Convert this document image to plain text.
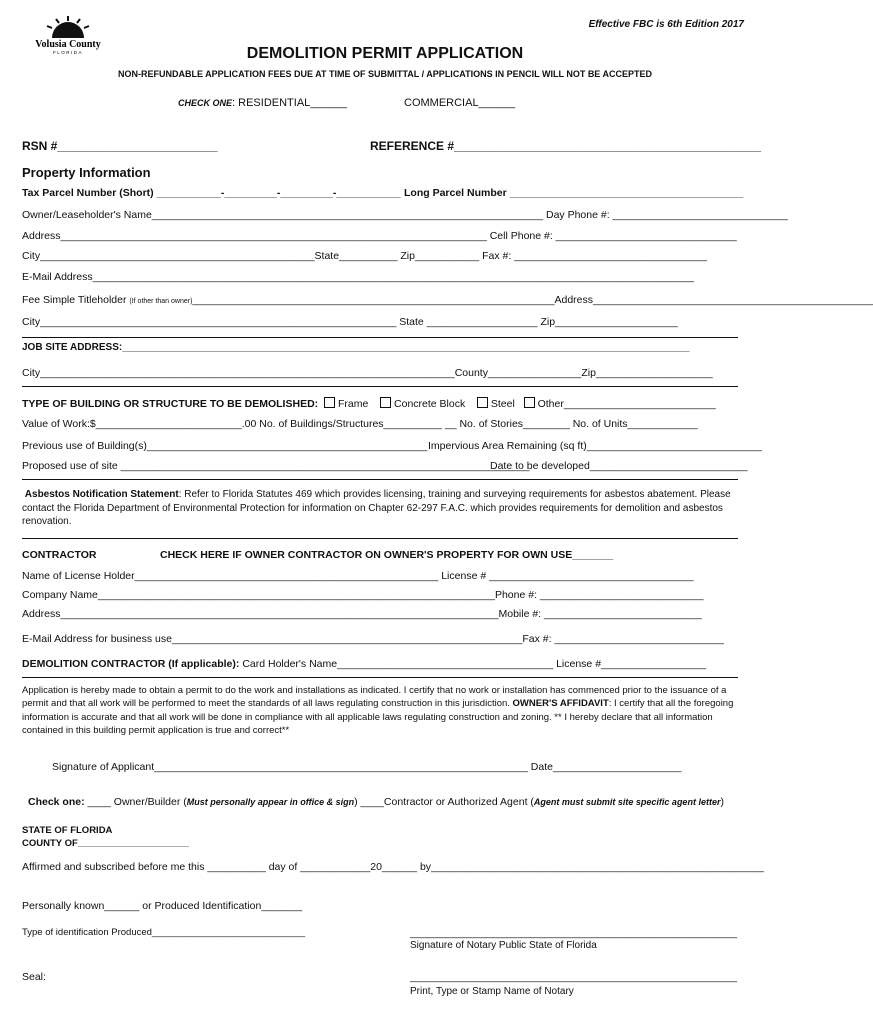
Volusia County
FLORIDA
Effective FBC is 6th Edition 2017
DEMOLITION PERMIT APPLICATION
NON-REFUNDABLE APPLICATION FEES DUE AT TIME OF SUBMITTAL / APPLICATIONS IN PENCIL WILL NOT BE ACCEPTED
CHECK ONE: RESIDENTIAL______	COMMERCIAL______
RSN #________________________	REFERENCE #______________________________________________
Property Information
Tax Parcel Number (Short) ___________-_________-_________-___________ Long Parcel Number ________________________________________
Owner/Leaseholder's Name___________________________________________________________________ Day Phone #: ______________________________
Address_________________________________________________________________________ Cell Phone #: _______________________________
City_______________________________________________State__________ Zip___________ Fax #: _________________________________
E-Mail Address_______________________________________________________________________________________________________
Fee Simple Titleholder (If other than owner)______________________________________________________________Address________________________________________________
City_____________________________________________________________ State ___________________ Zip_____________________
JOB SITE ADDRESS:______________________________________________________________________________________________________
City_______________________________________________________________________County________________Zip____________________
TYPE OF BUILDING OR STRUCTURE TO BE DEMOLISHED: Frame Concrete Block Steel Other__________________________
Value of Work:$_________________________.00 No. of Buildings/Structures__________ __ No. of Stories________ No. of Units____________
Previous use of Building(s)________________________________________________ Impervious Area Remaining (sq ft)______________________________
Proposed use of site ______________________________________________________________________
Date to be developed___________________________
Asbestos Notification Statement: Refer to Florida Statutes 469 which provides licensing, training and surveying requirements for asbestos abatement. Please contact the Florida Department of Environmental Protection for information on Chapter 62-297 F.A.C. which provides requirements for demolition and asbestos renovation.
CONTRACTOR	CHECK HERE IF OWNER CONTRACTOR ON OWNER'S PROPERTY FOR OWN USE_______
Name of License Holder____________________________________________________ License # ___________________________________
Company Name____________________________________________________________________Phone #: ____________________________
Address___________________________________________________________________________Mobile #: ___________________________
E-Mail Address for business use____________________________________________________________Fax #: _____________________________
DEMOLITION CONTRACTOR (If applicable): Card Holder's Name_____________________________________ License #__________________
Application is hereby made to obtain a permit to do the work and installations as indicated. I certify that no work or installation has commenced prior to the issuance of a permit and that all work will be performed to meet the standards of all laws regulating construction in this jurisdiction. OWNER'S AFFIDAVIT: I certify that all the foregoing information is accurate and that all work will be done in compliance with all applicable laws regulating construction and zoning. ** I hereby declare that all information contained in this building permit application is true and correct**
Signature of Applicant________________________________________________________________ Date______________________
Check one: ____ Owner/Builder (Must personally appear in office & sign) ____Contractor or Authorized Agent (Agent must submit site specific agent letter)
STATE OF FLORIDA
COUNTY OF_____________________
Affirmed and subscribed before me this __________ day of ____________20______ by_________________________________________________________
Personally known______ or Produced Identification_______
Type of identification Produced_____________________________	________________________________________________________
Signature of Notary Public State of Florida
Seal:	________________________________________________________
Print, Type or Stamp Name of Notary
